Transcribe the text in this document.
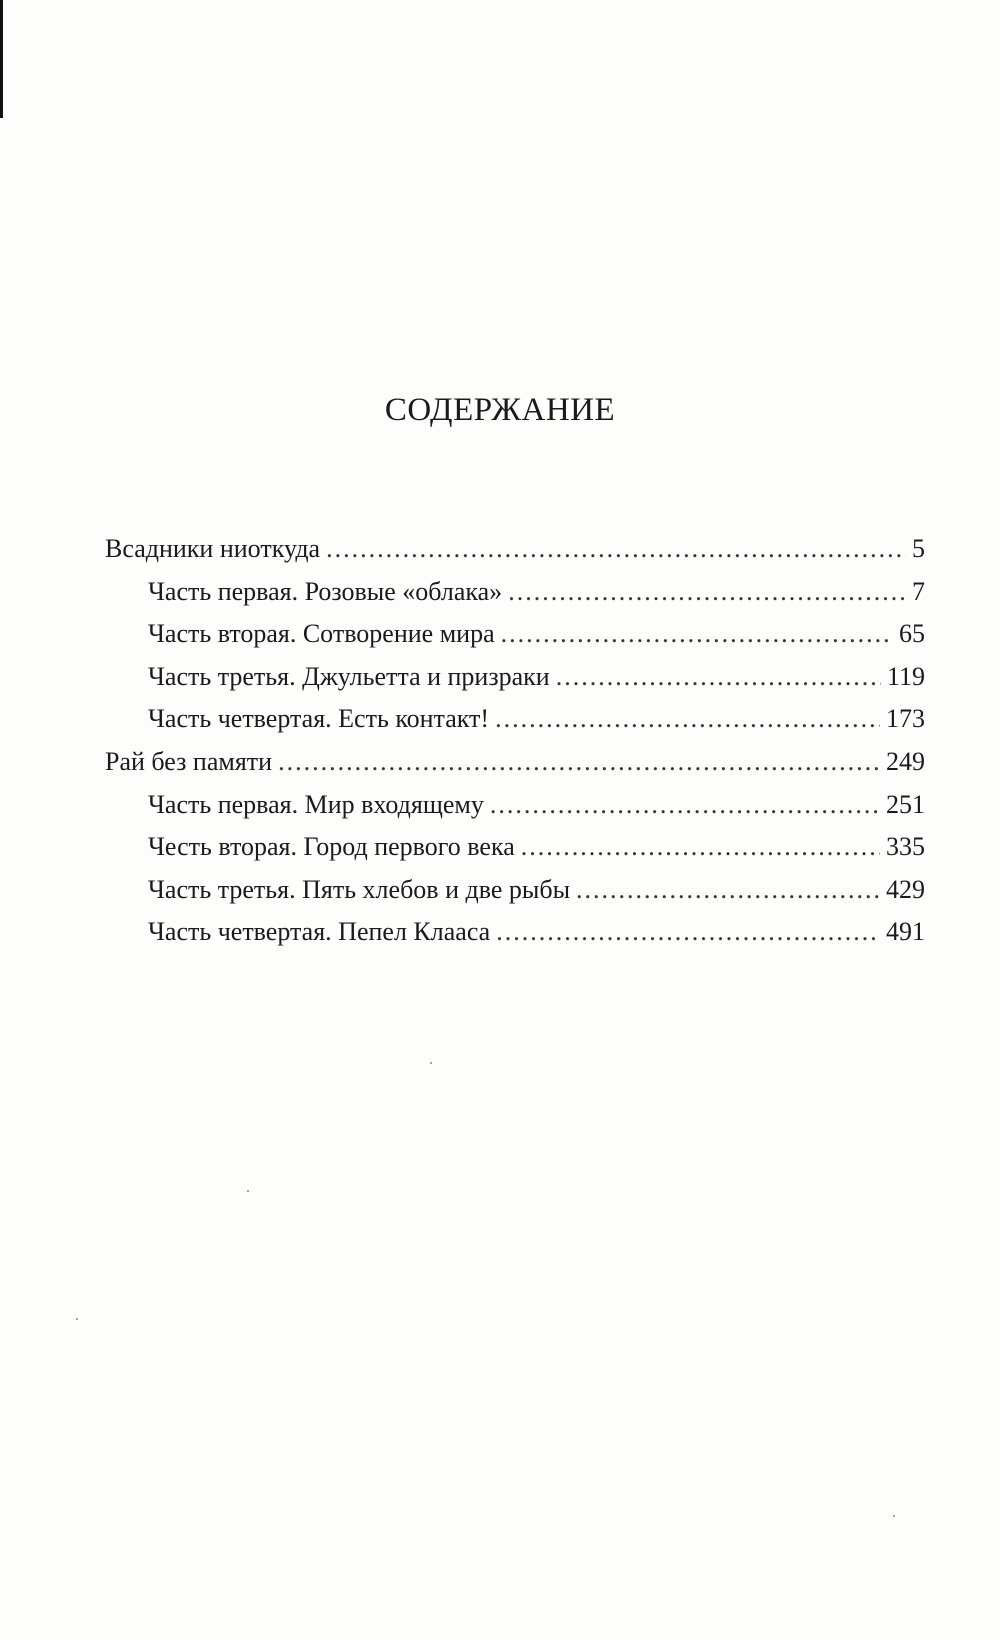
СОДЕРЖАНИЕ
Всадники ниоткуда .....	5
Часть первая. Розовые «облака» .....	7
Часть вторая. Сотворение мира .....	65
Часть третья. Джульетта и призраки .....	119
Часть четвертая. Есть контакт! .....	173
Рай без памяти .....	249
Часть первая. Мир входящему .....	251
Честь вторая. Город первого века .....	335
Часть третья. Пять хлебов и две рыбы .....	429
Часть четвертая. Пепел Клааса .....	491
